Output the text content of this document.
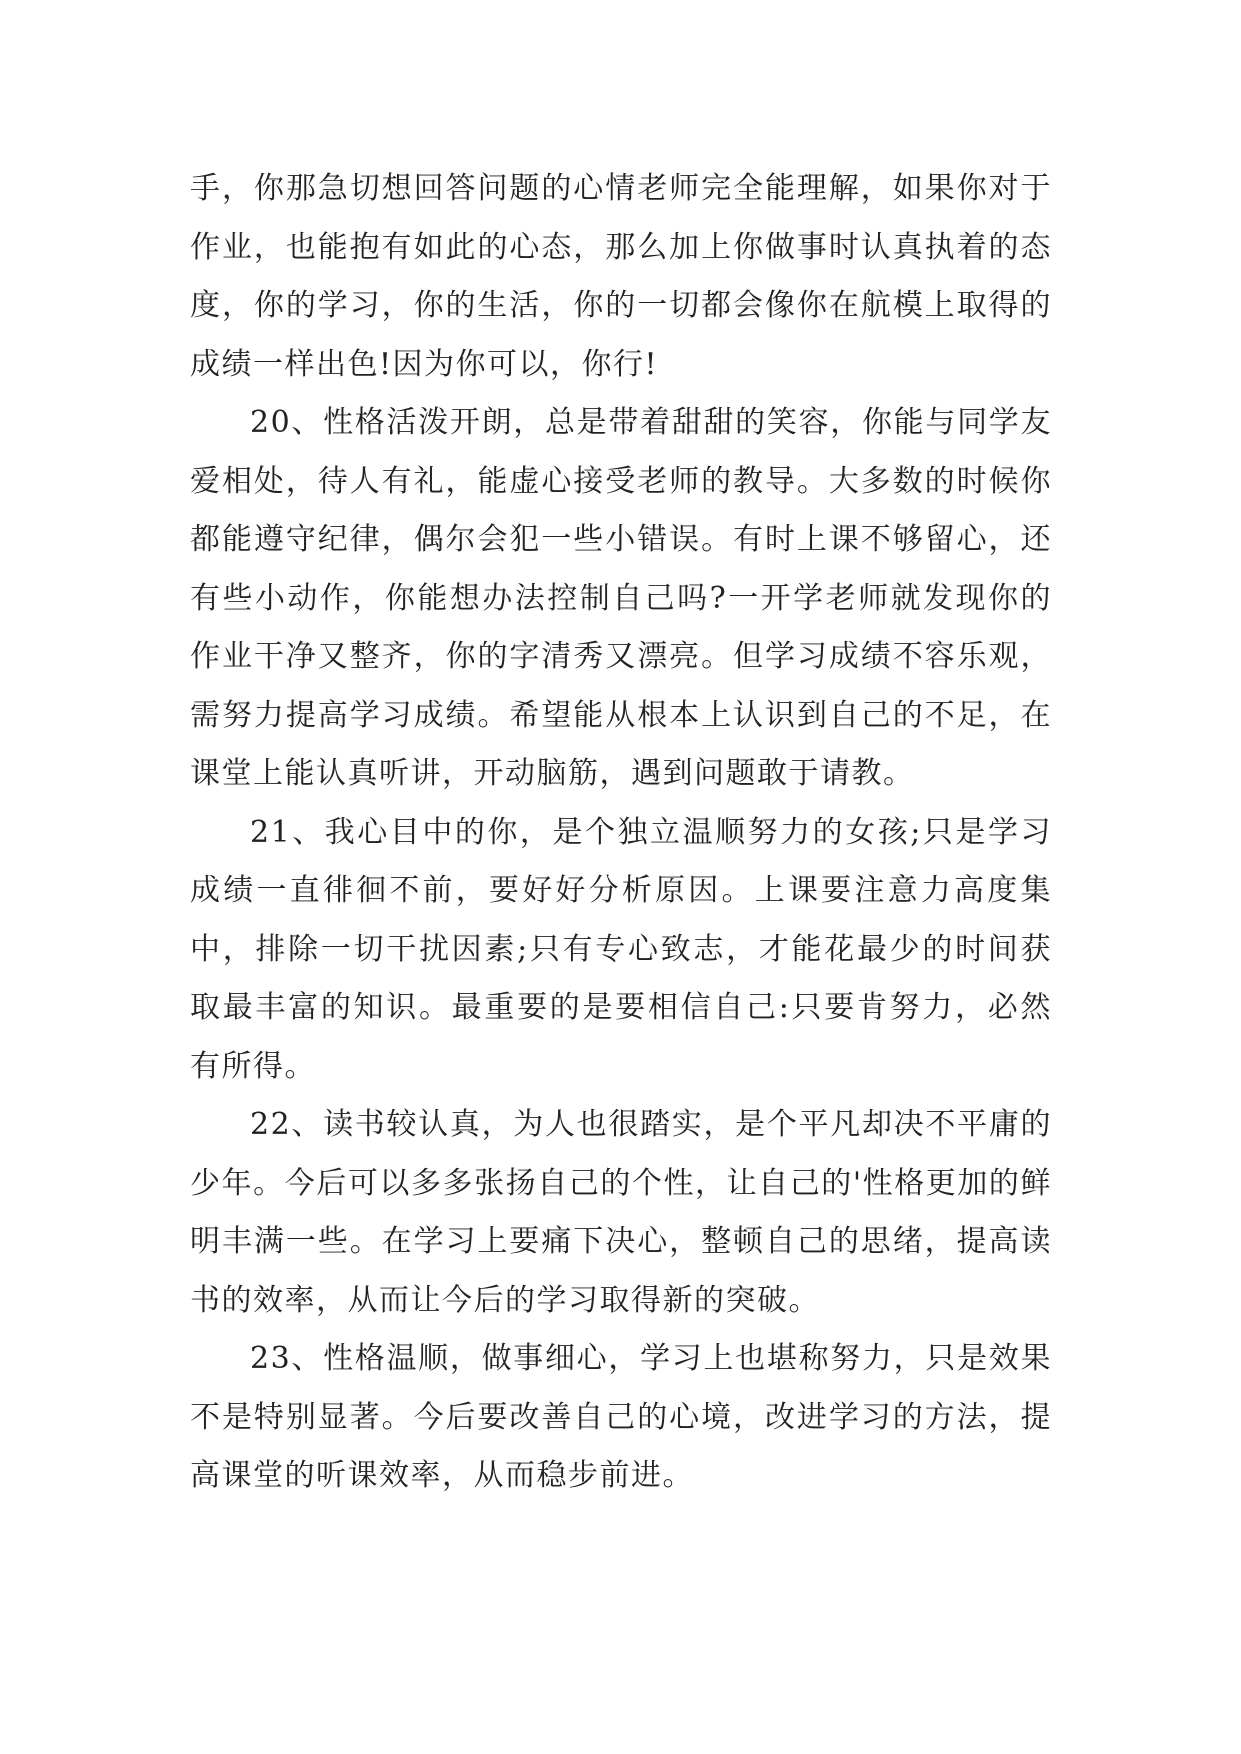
手，你那急切想回答问题的心情老师完全能理解，如果你对于作业，也能抱有如此的心态，那么加上你做事时认真执着的态度，你的学习，你的生活，你的一切都会像你在航模上取得的成绩一样出色!因为你可以，你行!

20、性格活泼开朗，总是带着甜甜的笑容，你能与同学友爱相处，待人有礼，能虚心接受老师的教导。大多数的时候你都能遵守纪律，偶尔会犯一些小错误。有时上课不够留心，还有些小动作，你能想办法控制自己吗?一开学老师就发现你的作业干净又整齐，你的字清秀又漂亮。但学习成绩不容乐观，需努力提高学习成绩。希望能从根本上认识到自己的不足，在课堂上能认真听讲，开动脑筋，遇到问题敢于请教。

21、我心目中的你，是个独立温顺努力的女孩;只是学习成绩一直徘徊不前，要好好分析原因。上课要注意力高度集中，排除一切干扰因素;只有专心致志，才能花最少的时间获取最丰富的知识。最重要的是要相信自己:只要肯努力，必然有所得。

22、读书较认真，为人也很踏实，是个平凡却决不平庸的少年。今后可以多多张扬自己的个性，让自己的'性格更加的鲜明丰满一些。在学习上要痛下决心，整顿自己的思绪，提高读书的效率，从而让今后的学习取得新的突破。

23、性格温顺，做事细心，学习上也堪称努力，只是效果不是特别显著。今后要改善自己的心境，改进学习的方法，提高课堂的听课效率，从而稳步前进。
